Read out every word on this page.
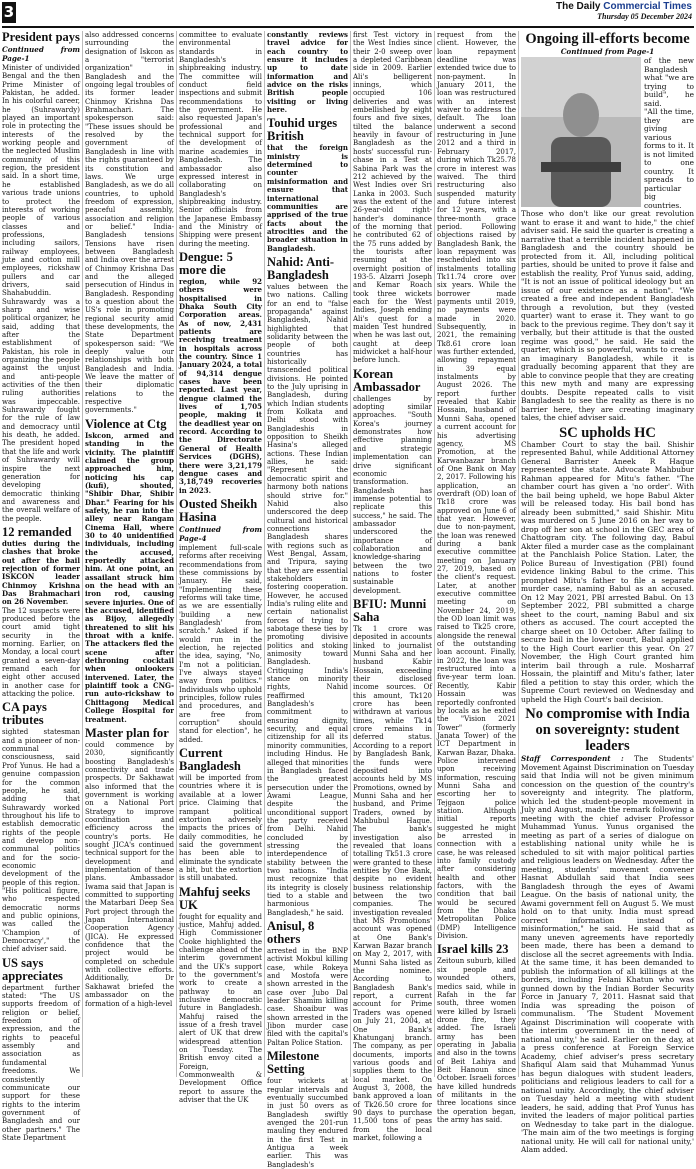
3	The Daily Commercial Times
Thursday 05 December 2024
President pays
Continued from Page-1

Minister of undivided Bengal and the then Prime Minister of Pakistan, he added. In his colorful career, he (Suhrawardy) played an important role in protecting the interests of the working people and the neglected Muslim community of this region, the president said. In a short time, he established various trade unions to protect the interests of working people of various classes and professions, including sailors, railway employees, jute and cotton mill employees, rickshaw pullers and car drivers, said Shahabuddin. Suhrawardy was a sharp and wise political organizer, he said, adding that after the establishment of Pakistan, his role in organizing the people against the unjust and anti-people activities of the then ruling authorities was impeccable. Suhrawardy fought for the rule of law and democracy until his death, he added. The president hoped that the life and work of Suhrawardy will inspire the next generation for developing democratic thinking and awareness and the overall welfare of the people.

12 remanded

duties during the clashes that broke out after the bail rejection of former ISKCON leader Chinmoy Krishna Das Brahmachari on 26 November.

The 12 suspects were produced before the court amid tight security in the morning. Earlier, on Monday, a local court granted a seven-day remand each for eight other accused in another case for attacking the police.

CA pays tributes

sighted statesman and a pioneer of non-communal consciousness, said Prof Yunus. He had a genuine compassion for the common people, he said, adding that Suhrawardy worked throughout his life to establish democratic rights of the people and develop non-communal politics and for the socio-economic development of the people of this region. "His political figure, who respected democratic norms and public opinions, was called the 'Champion of Democracy'," the chief adviser said.

US says appreciates

department further stated: "The US supports freedom of religion or belief, freedom of expression, and the rights to peaceful assembly and association as fundamental freedoms. We consistently communicate our support for these rights to the interim government of Bangladesh and our other partners." The State Department

also addressed concerns surrounding the designation of Iskcon as a "terrorist organization" in Bangladesh and the ongoing legal troubles of its former leader Chinmoy Krishna Das Brahmachari. The spokesperson said: "These issues should be resolved by the government of Bangladesh in line with the rights guaranteed by its constitution and laws. We urge Bangladesh, as we do all countries, to uphold freedom of expression, peaceful assembly, association and religion or belief." India-Bangladesh tensions Tensions have risen between Bangladesh and India over the arrest of Chinmoy Krishna Das and the alleged persecution of Hindus in Bangladesh. Responding to a question about the US's role in promoting regional security amid these developments, the State Department spokesperson said: "We deeply value our relationships with both Bangladesh and India. We leave the matter of their diplomatic relations to the respective governments."

Violence at Ctg

Iskcon, armed and standing in the vicinity. The plaintiff claimed the group approached him, noticing his cap (kufi), shouted, "Shibir Dhar, Shibir Dhar." Fearing for his safety, he ran into the alley near Rangam Cinema Hall, where 30 to 40 unidentified individuals, including the accused, reportedly attacked him. At one point, an assailant struck him on the head with an iron rod, causing severe injuries. One of the accused, identified as Bijoy, allegedly threatened to slit his throat with a knife. The attackers fled the scene after dethroning cocktail when onlookers intervened. Later, the plaintiff took a CNG-run auto-rickshaw to Chittagong Medical College Hospital for treatment.

Master plan for

could commence by 2030, significantly boosting Bangladesh's connectivity and trade prospects. Dr Sakhawat also informed that the government is working on a National Port Strategy to improve coordination and efficiency across the country's ports. He sought JICA's continued technical support for the development and implementation of these plans. Ambassador Iwama said that Japan is committed to supporting the Matarbari Deep Sea Port project through the Japan International Cooperation Agency (JICA). He expressed confidence that the project would be completed on schedule with collective efforts. Additionally, Dr Sakhawat briefed the ambassador on the formation of a high-level

committee to evaluate environmental standards in Bangladesh's shipbreaking industry. The committee will conduct field inspections and submit recommendations to the government. He also requested Japan's professional and technical support for the development of marine academies in Bangladesh. The ambassador also expressed interest in collaborating on Bangladesh's shipbreaking industry. Senior officials from the Japanese Embassy and the Ministry of Shipping were present during the meeting.

Dengue: 5 more die

region, while 92 others were hospitalised in Dhaka South City Corporation areas. As of now, 2,431 patients are receiving treatment in hospitals across the country. Since 1 January 2024, a total of 94,314 dengue cases have been reported. Last year, dengue claimed the lives of 1,705 people, making it the deadliest year on record. According to the Directorate General of Health Services (DGHS), there were 3,21,179 dengue cases and 3,18,749 recoveries in 2023.

Ousted Sheikh Hasina
Continued from Page-4

implement full-scale reforms after receiving recommendations from these commissions by January. He said, "Implementing these reforms will take time, as we are essentially 'building a new Bangladesh' from scratch." Asked if he would run in the election, he rejected the idea, saying, "No, I'm not a politician. I've always stayed away from politics." Individuals who uphold principles, follow rules and procedures, and are free from corruption" should stand for election", he added.

Current Bangladesh

will be imported from countries where it is available at a lower price. Claiming that rampant political extortion adversely impacts the prices of daily commodities, he said the government has been able to eliminate the syndicate a bit, but the extortion is still unabated.

Mahfuj seeks UK

fought for equality and justice, Mahfuj added. High Commissioner Cooke highlighted the challenge ahead of the interim government and the UK's support to the government's work to create a pathway to an inclusive democratic future in Bangladesh. Mahfuj raised the issue of a fresh travel alert of UK that drew widespread attention on Tuesday. The British envoy cited a Foreign, Commonwealth & Development Office report to assure the adviser that the UK

constantly reviews travel advice for each country to ensure it includes up to date information and advice on the risks British people visiting or living here.

Touhid urges British

that the foreign ministry is determined to counter misinformation and ensure that international communities are apprised of the true facts about the atrocities and the broader situation in Bangladesh.

Nahid: Anti-Bangladesh

values between the two nations. Calling for an end to "false propaganda" against Bangladesh, Nahid highlighted that solidarity between the people of both countries has historically transcended political divisions. He pointed to the July uprising in Bangladesh, during which Indian students from Kolkata and Delhi stood with Bangladeshis in opposition to Sheikh Hasina's alleged actions. These Indian allies, he said: "Represent the democratic spirit and harmony both nations should strive for." Nahid also underscored the deep cultural and historical connections Bangladesh shares with regions such as West Bengal, Assam, and Tripura, saying that they are essential stakeholders in fostering cooperation. However, he accused India's ruling elite and certain nationalist forces of trying to sabotage these ties by promoting divisive politics and stoking animosity toward Bangladesh. Critiquing India's stance on minority rights, Nahid reaffirmed Bangladesh's commitment to ensuring dignity, security, and equal citizenship for all its minority communities, including Hindus. He alleged that minorities in Bangladesh faced the greatest persecution under the Awami League, despite the unconditional support the party received from Delhi. Nahid concluded by stressing the interdependence of stability between the two nations. "India must recognize that its integrity is closely tied to a stable and harmonious Bangladesh," he said.

Anisul, 8 others

arrested in the BNP activist Mokbul killing case, while Rokeya and Mostofa were shown arrested in the case over Jubo Dal leader Shamim killing case. Shoaibur was shown arrested in the Jibon murder case filed with the capital's Paltan Police Station.

Milestone Setting

four wickets at regular intervals and eventually succumbed in just 50 overs as Bangladesh swiftly avenged the 201-run mauling they endured in the first Test in Antigua a week earlier. This was Bangladesh's

first Test victory in the West Indies since their 2-0 sweep over a depleted Caribbean side in 2009. Earlier Ali's belligerent innings, which occupied 106 deliveries and was embellished by eight fours and five sixes, tilted the balance heavily in favour of Bangladesh as the hosts' successful run-chase in a Test at Sabina Park was the 212 achieved by the West Indies over Sri Lanka in 2003. Such was the extent of the 26-year-old right-hander's dominance of the morning that he contributed 62 of the 75 runs added by the tourists after resuming at the overnight position of 193-5. Alzarri Joseph and Kemar Roach took three wickets each for the West Indies, Joseph ending Ali's quest for a maiden Test hundred when he was last out, caught at deep midwicket a half-hour before lunch.

Korean Ambassador

challenges by adopting similar approaches. "South Korea's journey demonstrates how effective planning and strategic implementation can drive significant economic transformation. Bangladesh has immense potential to replicate this success," he said. The ambassador underscored the importance of collaboration and knowledge-sharing between the two nations to foster sustainable development.

BFIU: Munni Saha

Tk 1 crore was deposited in accounts linked to journalist Munni Saha and her husband Kabir Hossain, exceeding their disclosed income sources. Of this amount, Tk120 crore has been withdrawn at various times, while Tk14 crore remains in deferred status. According to a report by Bangladesh Bank, the funds were deposited into accounts held by MS Promotions, owned by Munni Saha and her husband, and Prime Traders, owned by Mahbubul Haque. The bank's investigation also revealed that loans totalling Tk51.3 crore were granted to these entities by One Bank, despite no evident business relationship between the two companies. The investigation revealed that MS Promotions' account was opened at One Bank's Karwan Bazar branch on May 2, 2017, with Munni Saha listed as the nominee. According to Bangladesh Bank's report, a current account for Prime Traders was opened on July 21, 2004, at One Bank's Khatunganj branch. The company, as per documents, imports various goods and supplies them to the local market. On August 3, 2008, the bank approved a loan of Tk26.50 crore for 90 days to purchase 11,500 tons of peas from the local market, following a

request from the client. However, the loan repayment deadline was extended twice due to non-payment. In January 2011, the loan was restructured with an interest waiver to address the default. The loan underwent a second restructuring in June 2012 and a third in February 2017, during which Tk25.78 crore in interest was waived. The third restructuring also suspended maturity and future interest for 12 years, with a three-month grace period. Following objections raised by Bangladesh Bank, the loan repayment was rescheduled into six instalments totalling Tk11.74 crore over six years. While the borrower made payments until 2019, no payments were made in 2020. Subsequently, in 2021, the remaining Tk8.61 crore loan was further extended, allowing repayment in 39 equal instalments by August 2026. The report further revealed that Kabir Hossain, husband of Munni Saha, opened a current account for his advertising agency, MS Promotion, at the Karwanbazar branch of One Bank on May 2, 2017. Following his application, an overdraft (OD) loan of Tk18 crore was approved on June 6 of that year. However, due to non-payment, the loan was renewed during a bank executive committee meeting on January 27, 2019, based on the client's request. Later, at another executive committee meeting on November 24, 2019, the OD loan limit was raised to Tk25 crore, alongside the renewal of the outstanding loan account. Finally, in 2022, the loan was restructured into a five-year term loan. Recently, Kabir Hossain was reportedly confronted by locals as he exited the "Vision 2021 Tower" (formerly Janata Tower) of the ICT Department in Karwan Bazar, Dhaka. Police intervened upon receiving information, rescuing Munni Saha and escorting her to Tejgaon police station. Although initial reports suggested he might be arrested in connection with a case, he was released into family custody after considering health and other factors, with the condition that bail would be secured from the Dhaka Metropolitan Police (DMP) Intelligence Division.

Israel kills 23

Zeitoun suburb, killed six people and wounded others, medics said, while in Rafah in the far south, three women were killed by Israeli drone fire, they added. The Israeli army has been operating in Jabalia and also in the towns of Beit Lahiya and Beit Hanoun since October. Israeli forces have killed hundreds of militants in the three locations since the operation began, the army has said.

Ongoing ill-efforts become
Continued from Page-1

of the new Bangladesh what "we are trying to build", he said.

"All the time, they are giving various forms to it. It is not limited to one country. It spreads to particular big countries. Those who don't like our great revolution want to erase it and want to hide," the chief adviser said. He said the quarter is creating a narrative that a terrible incident happened in Bangladesh and the country should be protected from it. All, including political parties, should be united to prove it false and establish the reality, Prof Yunus said, adding, "It is not an issue of political ideology but an issue of our existence as a nation". "We created a free and independent Bangladesh through a revolution, but they (vested quarter) want to erase it. They want to go back to the previous regime. They don't say it verbally, but their attitude is that the ousted regime was good," he said. He said the quarter, which is so powerful, wants to create an imaginary Bangladesh, while it is gradually becoming apparent that they are able to convince people that they are creating this new myth and many are expressing doubts. Despite repeated calls to visit Bangladesh to see the reality as there is no barrier here, they are creating imaginary tales, the chief adviser said.

SC upholds HC

Chamber Court to stay the bail. Shishir represented Bahul, while Additional Attorney General Barrister Aneek R Haque represented the state. Advocate Mahbubur Rahman appeared for Mitu's father. "The chamber court has given a 'no order'. With the bail being upheld, we hope Babul Akter will be released today. His bail bond has already been submitted," said Shishir. Mitu was murdered on 5 June 2016 on her way to drop off her son at school in the GEC area of Chattogram city. The following day, Babul Akter filed a murder case as the complainant at the Panchlaish Police Station. Later, the Police Bureau of Investigation (PBI) found evidence linking Babul to the crime. This prompted Mitu's father to file a separate murder case, naming Babul as an accused. On 12 May 2021, PBI arrested Babul. On 13 September 2022, PBI submitted a charge sheet to the court, naming Babul and six others as accused. The court accepted the charge sheet on 10 October. After failing to secure bail in the lower court, Babul applied to the High Court earlier this year. On 27 November, the High Court granted him interim bail through a rule. Mosharraf Hossain, the plaintiff and Mitu's father, later filed a petition to stay this order, which the Supreme Court reviewed on Wednesday and upheld the High Court's bail decision.

No compromise with India on sovereignty: student leaders

Staff Correspondent : The Students' Movement Against Discrimination on Tuesday said that India will not be given minimum concession on the question of the country's sovereignty and integrity. The platform, which led the student-people movement in July and August, made the remark following a meeting with the chief adviser Professor Muhammad Yunus. Yunus organised the meeting as part of a series of dialogue on establishing national unity while he is scheduled to sit with major political parties and religious leaders on Wednesday. After the meeting, students' movement convener Hasnat Abdullah said that India sees Bangladesh through the eyes of Awami League. On the basis of national unity, the Awami government fell on August 5. We must hold on to that unity. India must spread correct information instead of misinformation," he said. He said that as many uneven agreements have reportedly been made, there has been a demand to disclose all the secret agreements with India. At the same time, it has been demanded to publish the information of all killings at the borders, including Felani Khatun who was gunned down by the Indian Border Security Force in January 7, 2011. Hasnat said that India was spreading the poison of communalism. 'The Student Movement Against Discrimination will cooperate with the interim government in the need of national unity,' he said. Earlier on the day, at a press conference at Foreign Service Academy, chief adviser's press secretary Shafiqul Alam said that Muhammad Yunus has begun dialogues with student leaders, politicians and religious leaders to call for a national unity. Accordingly, the chief adviser on Tuesday held a meeting with student leaders, he said, adding that Prof Yunus has invited the leaders of major political parties on Wednesday to take part in the dialogue. 'The main aim of the two meetings is forging national unity. He will call for national unity,' Alam added.
